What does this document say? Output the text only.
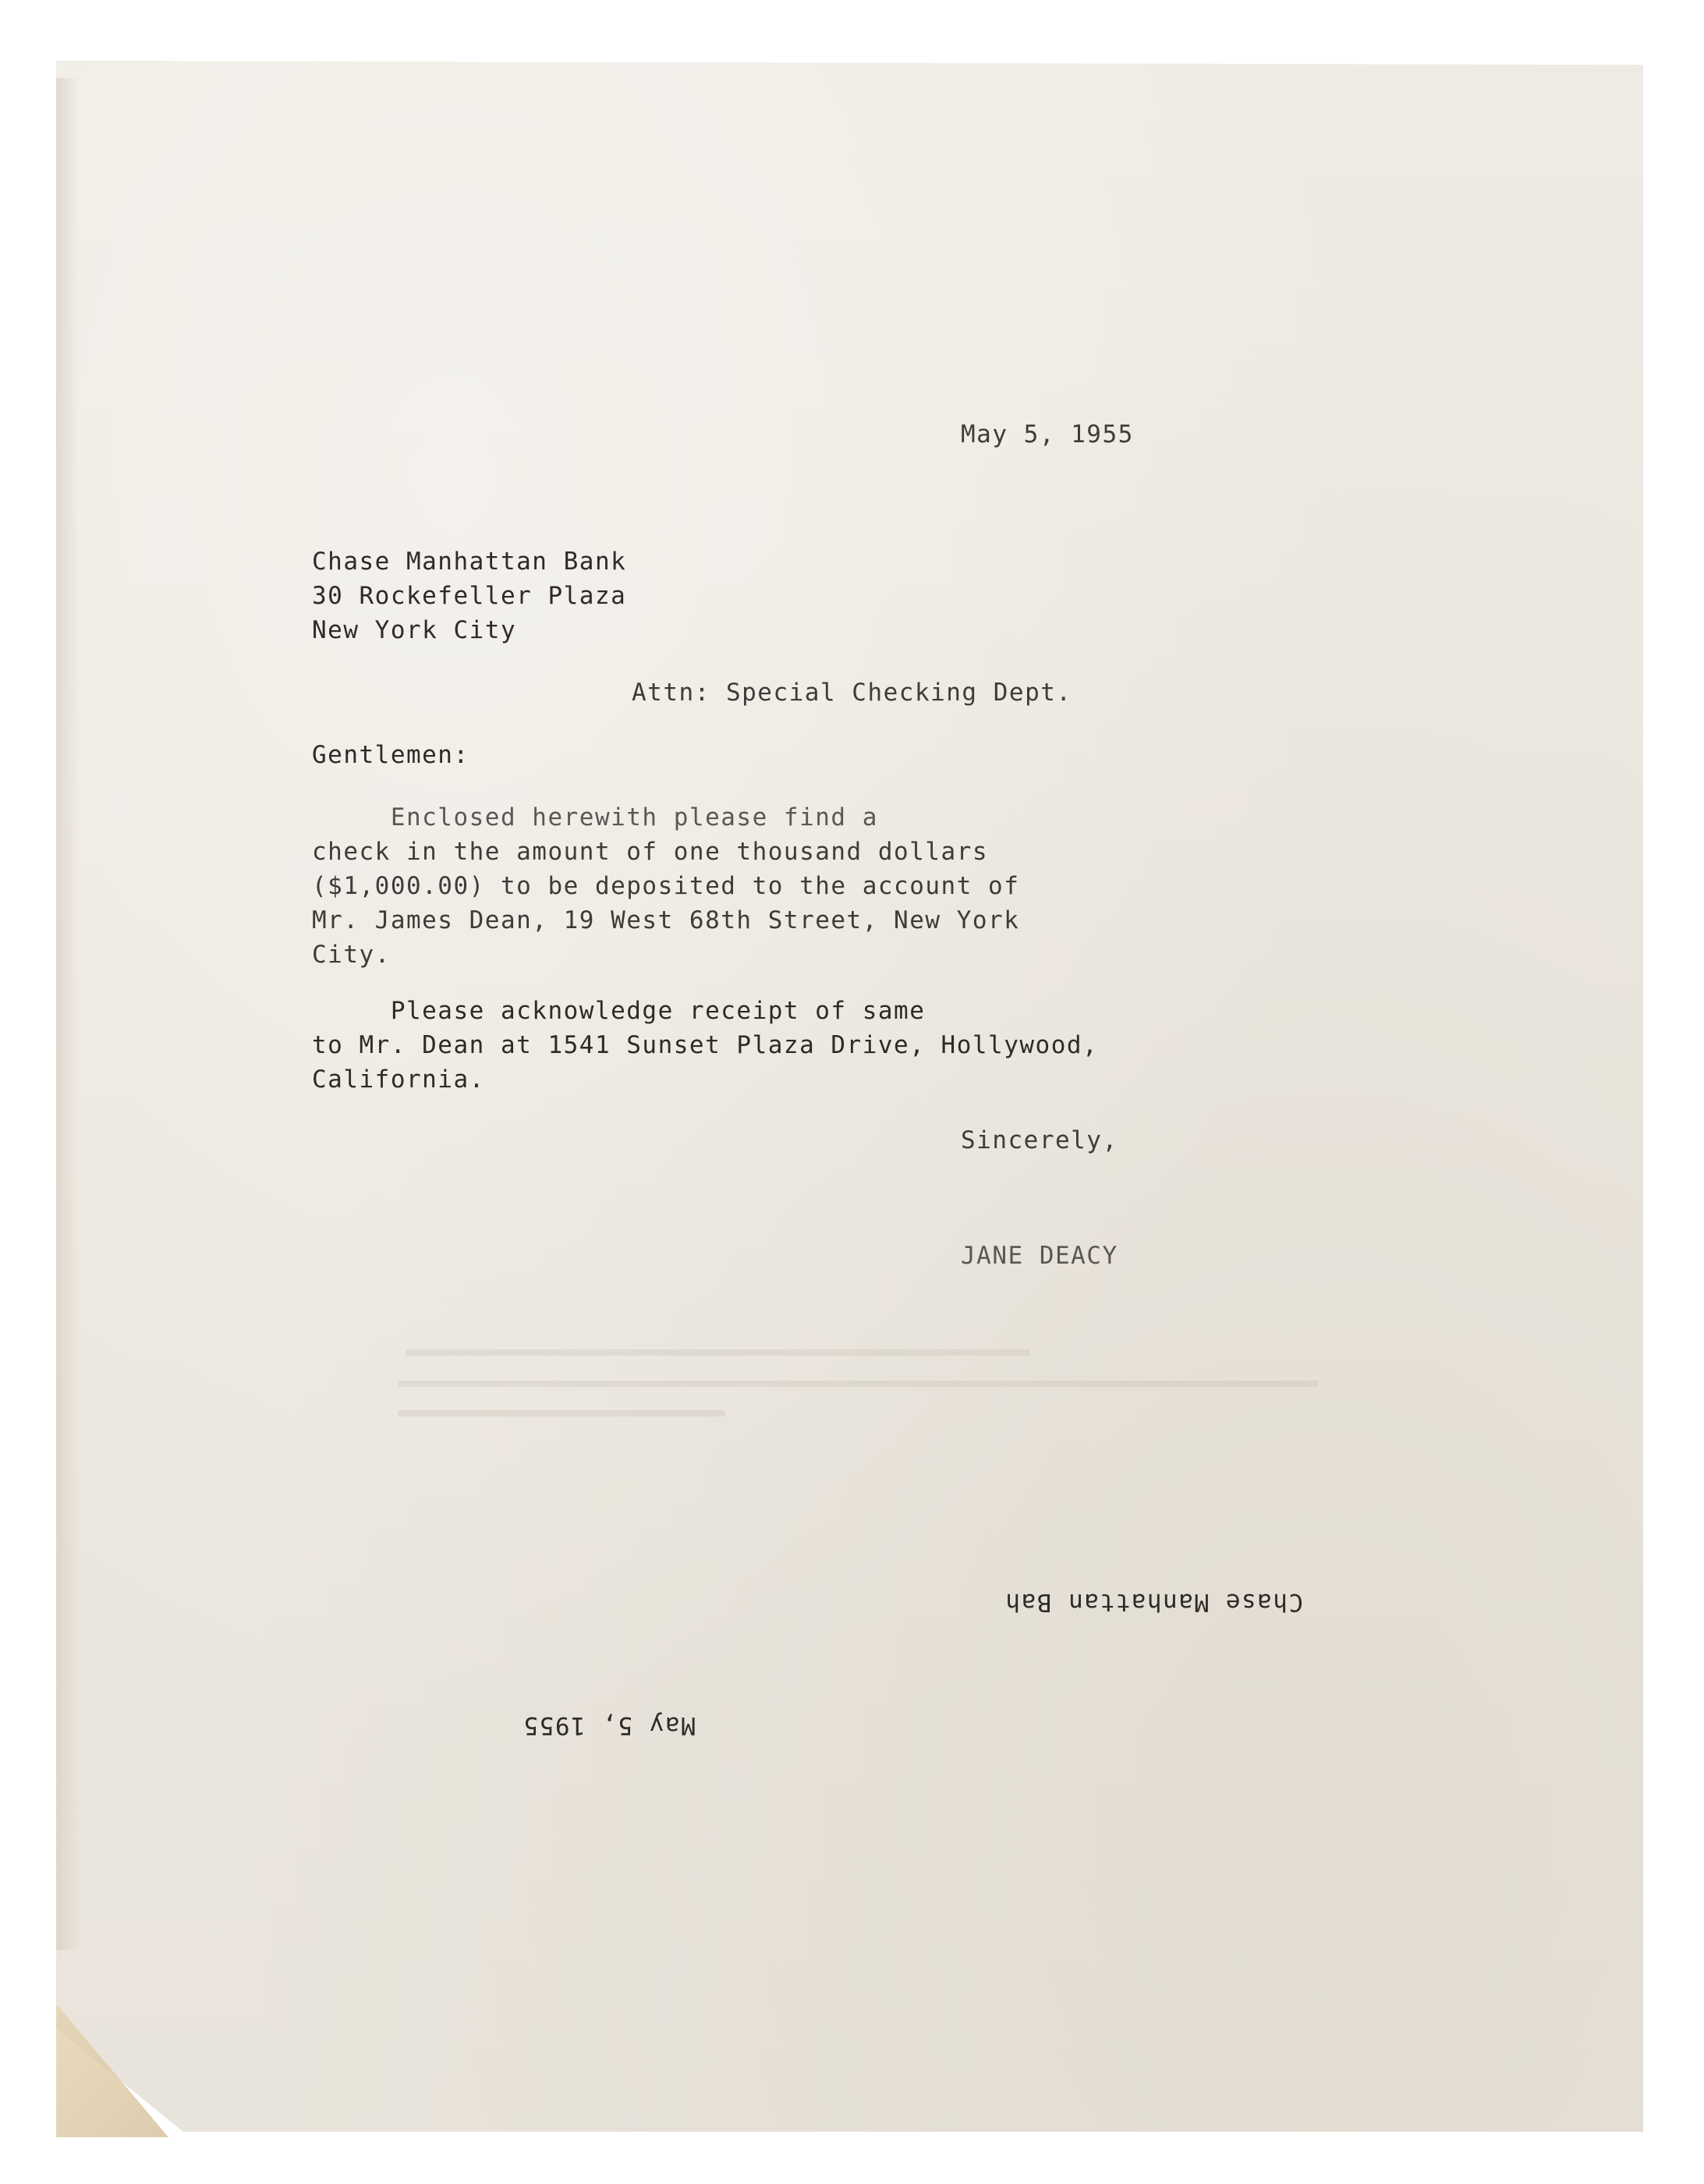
May 5, 1955
Chase Manhattan Bank
30 Rockefeller Plaza
New York City
Attn: Special Checking Dept.
Gentlemen:
Enclosed herewith please find a
check in the amount of one thousand dollars
($1,000.00) to be deposited to the account of
Mr. James Dean, 19 West 68th Street, New York
City.
Please acknowledge receipt of same
to Mr. Dean at 1541 Sunset Plaza Drive, Hollywood,
California.
Sincerely,
JANE DEACY
Chase Manhattan Bah
May 5, 1955
